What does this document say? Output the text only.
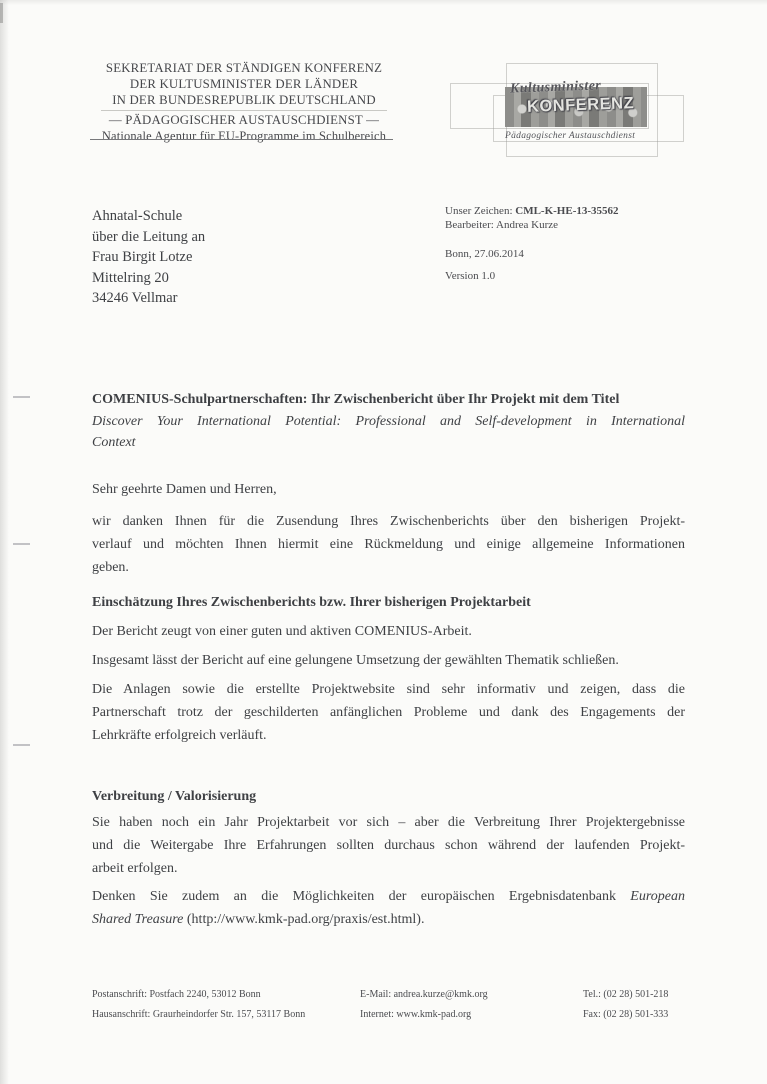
SEKRETARIAT DER STÄNDIGEN KONFERENZ
DER KULTUSMINISTER DER LÄNDER
IN DER BUNDESREPUBLIK DEUTSCHLAND
— PÄDAGOGISCHER AUSTAUSCHDIENST —
Nationale Agentur für EU-Programme im Schulbereich
Kultusminister
KONFERENZ
Pädagogischer Austauschdienst
Ahnatal-Schule
über die Leitung an
Frau Birgit Lotze
Mittelring 20
34246 Vellmar
Unser Zeichen: CML-K-HE-13-35562
Bearbeiter: Andrea Kurze
Bonn, 27.06.2014
Version 1.0
COMENIUS-Schulpartnerschaften: Ihr Zwischenbericht über Ihr Projekt mit dem Titel
Discover Your International Potential: Professional and Self-development in International
Context
Sehr geehrte Damen und Herren,
wir danken Ihnen für die Zusendung Ihres Zwischenberichts über den bisherigen Projekt-
verlauf und möchten Ihnen hiermit eine Rückmeldung und einige allgemeine Informationen
geben.
Einschätzung Ihres Zwischenberichts bzw. Ihrer bisherigen Projektarbeit
Der Bericht zeugt von einer guten und aktiven COMENIUS-Arbeit.
Insgesamt lässt der Bericht auf eine gelungene Umsetzung der gewählten Thematik schließen.
Die Anlagen sowie die erstellte Projektwebsite sind sehr informativ und zeigen, dass die
Partnerschaft trotz der geschilderten anfänglichen Probleme und dank des Engagements der
Lehrkräfte erfolgreich verläuft.
Verbreitung / Valorisierung
Sie haben noch ein Jahr Projektarbeit vor sich – aber die Verbreitung Ihrer Projektergebnisse
und die Weitergabe Ihre Erfahrungen sollten durchaus schon während der laufenden Projekt-
arbeit erfolgen.
Denken Sie zudem an die Möglichkeiten der europäischen Ergebnisdatenbank European
Shared Treasure (http://www.kmk-pad.org/praxis/est.html).
Postanschrift: Postfach 2240, 53012 Bonn
Hausanschrift: Graurheindorfer Str. 157, 53117 Bonn
E-Mail: andrea.kurze@kmk.org
Internet: www.kmk-pad.org
Tel.: (02 28) 501-218
Fax: (02 28) 501-333
